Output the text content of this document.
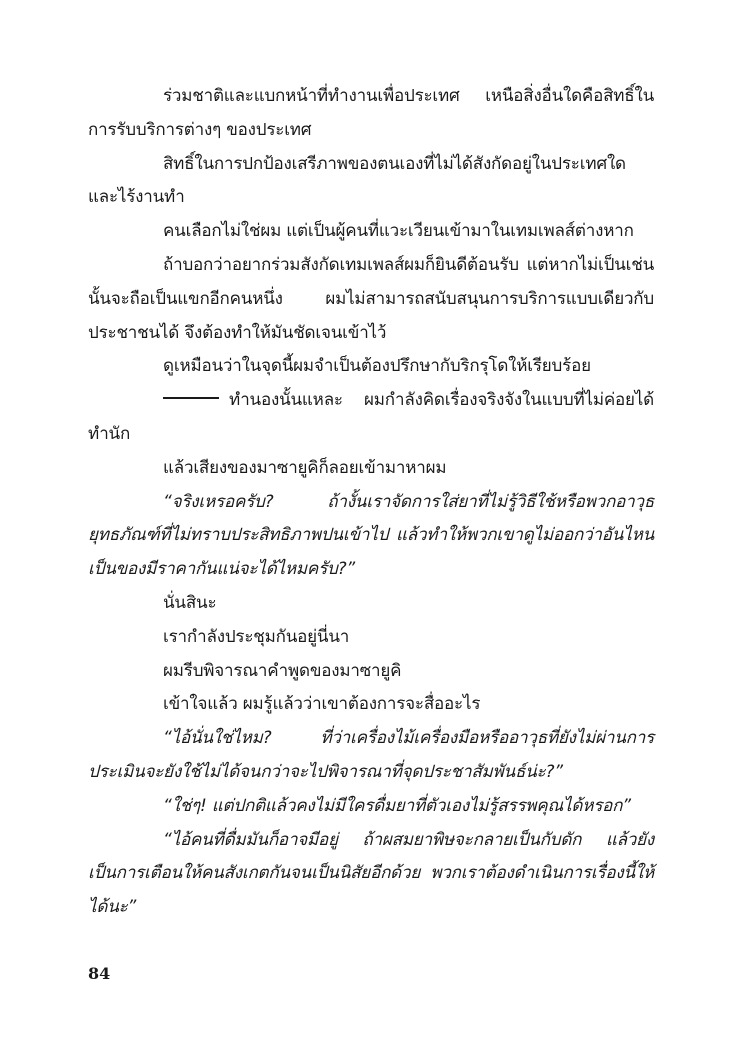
ร่วมชาติและแบกหน้าที่ทำงานเพื่อประเทศ เหนือสิ่งอื่นใดคือสิทธิ์ในการรับบริการต่างๆ ของประเทศ

สิทธิ์ในการปกป้องเสรีภาพของตนเองที่ไม่ได้สังกัดอยู่ในประเทศใดและไร้งานทำ

คนเลือกไม่ใช่ผม แต่เป็นผู้คนที่แวะเวียนเข้ามาในเทมเพลส์ต่างหาก

ถ้าบอกว่าอยากร่วมสังกัดเทมเพลส์ผมก็ยินดีต้อนรับ แต่หากไม่เป็นเช่นนั้นจะถือเป็นแขกอีกคนหนึ่ง ผมไม่สามารถสนับสนุนการบริการแบบเดียวกับประชาชนได้ จึงต้องทำให้มันชัดเจนเข้าไว้

ดูเหมือนว่าในจุดนี้ผมจำเป็นต้องปรึกษากับริกรุโดให้เรียบร้อย

ทำนองนั้นแหละ ผมกำลังคิดเรื่องจริงจังในแบบที่ไม่ค่อยได้ทำนัก

แล้วเสียงของมาซายูคิก็ลอยเข้ามาหาผม

“จริงเหรอครับ? ถ้างั้นเราจัดการใส่ยาที่ไม่รู้วิธีใช้หรือพวกอาวุธยุทธภัณฑ์ที่ไม่ทราบประสิทธิภาพปนเข้าไป แล้วทำให้พวกเขาดูไม่ออกว่าอันไหนเป็นของมีราคากันแน่จะได้ไหมครับ?”

นั่นสินะ

เรากำลังประชุมกันอยู่นี่นา

ผมรีบพิจารณาคำพูดของมาซายูคิ

เข้าใจแล้ว ผมรู้แล้วว่าเขาต้องการจะสื่ออะไร

“ไอ้นั่นใช่ไหม? ที่ว่าเครื่องไม้เครื่องมือหรืออาวุธที่ยังไม่ผ่านการประเมินจะยังใช้ไม่ได้จนกว่าจะไปพิจารณาที่จุดประชาสัมพันธ์น่ะ?”

“ใช่ๆ! แต่ปกติแล้วคงไม่มีใครดื่มยาที่ตัวเองไม่รู้สรรพคุณได้หรอก”

“ไอ้คนที่ดื่มมันก็อาจมีอยู่ ถ้าผสมยาพิษจะกลายเป็นกับดัก แล้วยังเป็นการเตือนให้คนสังเกตกันจนเป็นนิสัยอีกด้วย พวกเราต้องดำเนินการเรื่องนี้ให้ได้นะ”

84
